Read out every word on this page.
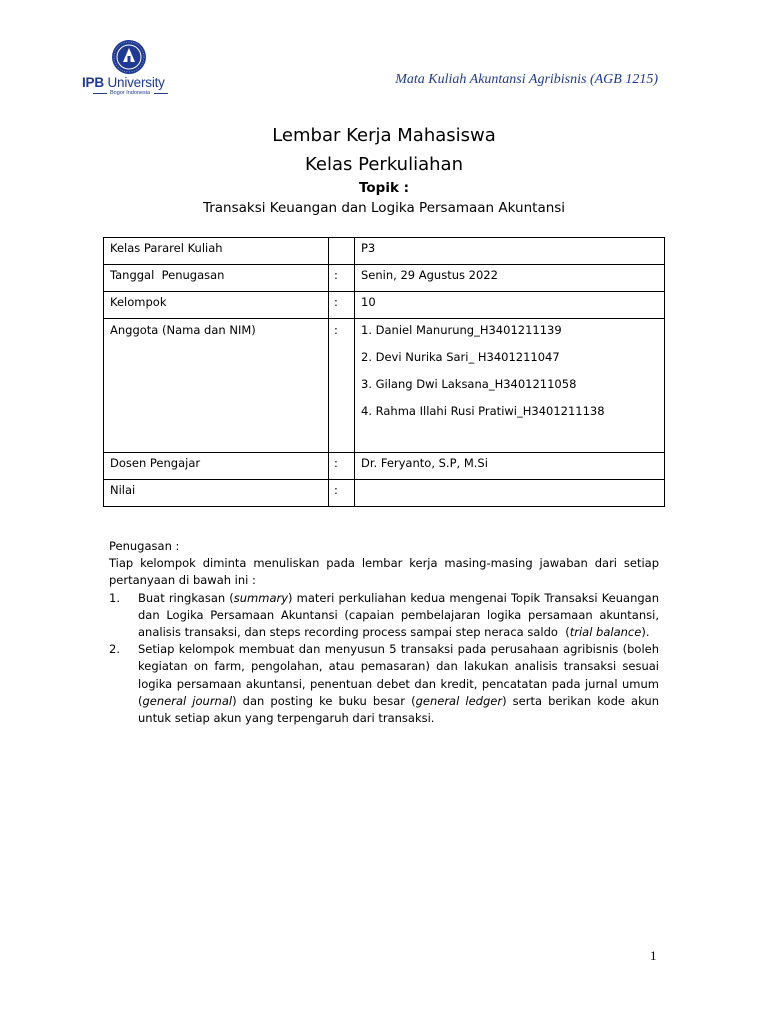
IPB University
Bogor Indonesia
Mata Kuliah Akuntansi Agribisnis (AGB 1215)
Lembar Kerja Mahasiswa
Kelas Perkuliahan
Topik :
Transaksi Keuangan dan Logika Persamaan Akuntansi
Kelas Pararel Kuliah		P3
Tanggal  Penugasan	:	Senin, 29 Agustus 2022
Kelompok	:	10
Anggota (Nama dan NIM)	:	1. Daniel Manurung_H3401211139
2. Devi Nurika Sari_ H3401211047
3. Gilang Dwi Laksana_H3401211058
4. Rahma Illahi Rusi Pratiwi_H3401211138

Dosen Pengajar	:	Dr. Feryanto, S.P, M.Si
Nilai	:	

Penugasan :

Tiap kelompok diminta menuliskan pada lembar kerja masing-masing jawaban dari setiap pertanyaan di bawah ini :

1. Buat ringkasan (summary) materi perkuliahan kedua mengenai Topik Transaksi Keuangan dan Logika Persamaan Akuntansi (capaian pembelajaran logika persamaan akuntansi, analisis transaksi, dan steps recording process sampai step neraca saldo  (trial balance).
2. Setiap kelompok membuat dan menyusun 5 transaksi pada perusahaan agribisnis (boleh kegiatan on farm, pengolahan, atau pemasaran) dan lakukan analisis transaksi sesuai logika persamaan akuntansi, penentuan debet dan kredit, pencatatan pada jurnal umum (general journal) dan posting ke buku besar (general ledger) serta berikan kode akun untuk setiap akun yang terpengaruh dari transaksi.
1
